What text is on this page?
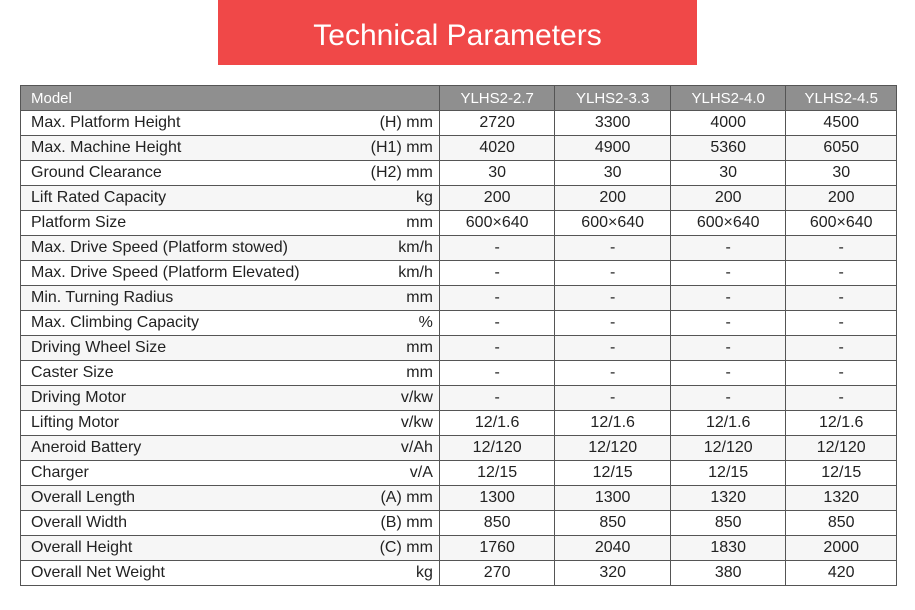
Technical Parameters
Model		YLHS2-2.7	YLHS2-3.3	YLHS2-4.0	YLHS2-4.5
Max. Platform Height	(H) mm	2720	3300	4000	4500
Max. Machine Height	(H1) mm	4020	4900	5360	6050
Ground Clearance	(H2) mm	30	30	30	30
Lift Rated Capacity	kg	200	200	200	200
Platform Size	mm	600×640	600×640	600×640	600×640
Max. Drive Speed (Platform stowed)	km/h	-	-	-	-
Max. Drive Speed (Platform Elevated)	km/h	-	-	-	-
Min. Turning Radius	mm	-	-	-	-
Max. Climbing Capacity	%	-	-	-	-
Driving Wheel Size	mm	-	-	-	-
Caster Size	mm	-	-	-	-
Driving Motor	v/kw	-	-	-	-
Lifting Motor	v/kw	12/1.6	12/1.6	12/1.6	12/1.6
Aneroid Battery	v/Ah	12/120	12/120	12/120	12/120
Charger	v/A	12/15	12/15	12/15	12/15
Overall Length	(A) mm	1300	1300	1320	1320
Overall Width	(B) mm	850	850	850	850
Overall Height	(C) mm	1760	2040	1830	2000
Overall Net Weight	kg	270	320	380	420
